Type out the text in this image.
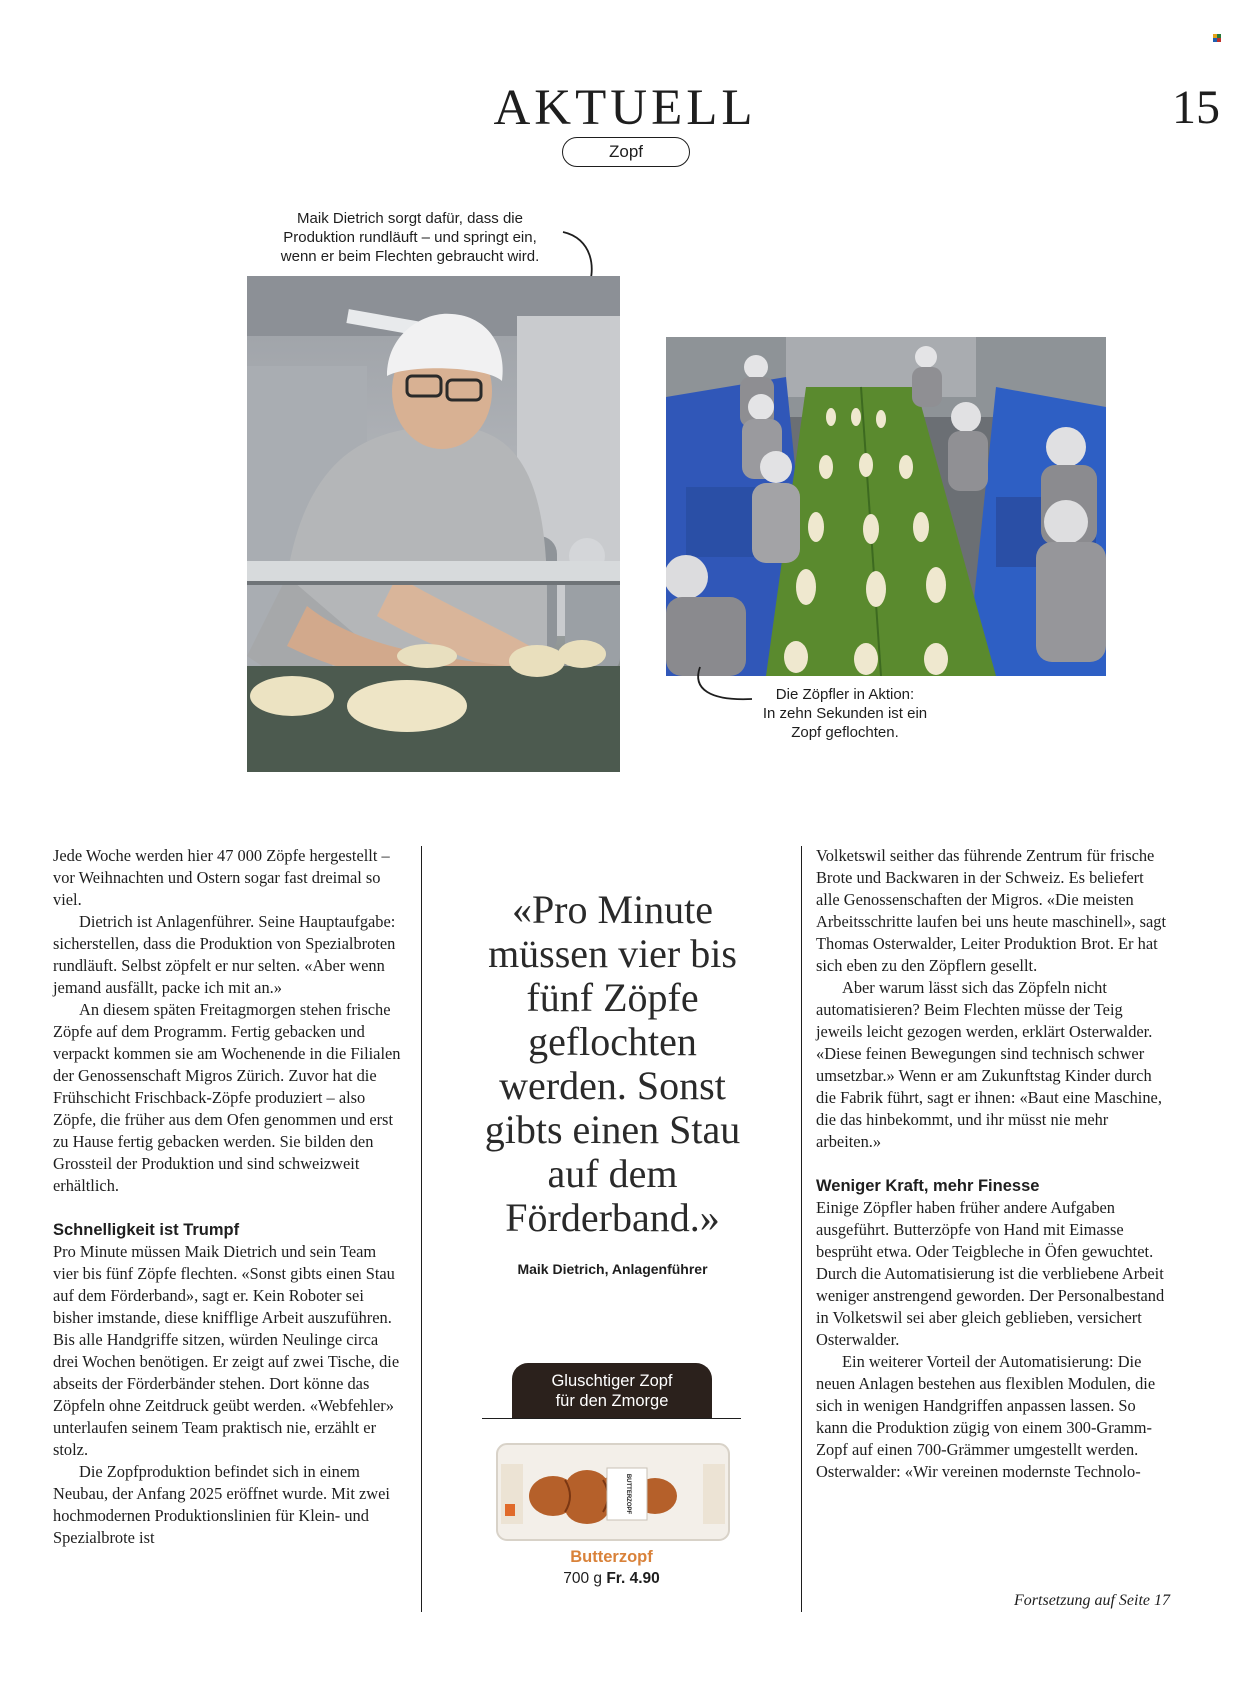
AKTUELL	15
Zopf
Maik Dietrich sorgt dafür, dass die
Produktion rundläuft – und springt ein,
wenn er beim Flechten gebraucht wird.
Die Zöpfler in Aktion:
In zehn Sekunden ist ein
Zopf geflochten.

Jede Woche werden hier 47 000 Zöpfe hergestellt – vor Weihnachten und Ostern sogar fast dreimal so viel.

Dietrich ist Anlagenführer. Seine Hauptaufgabe: sicherstellen, dass die Produktion von Spezialbroten rundläuft. Selbst zöpfelt er nur selten. «Aber wenn jemand ausfällt, packe ich mit an.»

An diesem späten Freitagmorgen stehen frische Zöpfe auf dem Programm. Fertig gebacken und verpackt kommen sie am Wochenende in die Filialen der Genossenschaft Migros Zürich. Zuvor hat die Frühschicht Frischback-Zöpfe produziert – also Zöpfe, die früher aus dem Ofen genommen und erst zu Hause fertig gebacken werden. Sie bilden den Grossteil der Produktion und sind schweizweit erhältlich.

Schnelligkeit ist Trumpf

Pro Minute müssen Maik Dietrich und sein Team vier bis fünf Zöpfe flechten. «Sonst gibts einen Stau auf dem Förderband», sagt er. Kein Roboter sei bisher imstande, diese knifflige Arbeit auszuführen. Bis alle Handgriffe sitzen, würden Neulinge circa drei Wochen benötigen. Er zeigt auf zwei Tische, die abseits der Förderbänder stehen. Dort könne das Zöpfeln ohne Zeitdruck geübt werden. «Webfehler» unterlaufen seinem Team praktisch nie, erzählt er stolz.

Die Zopfproduktion befindet sich in einem Neubau, der Anfang 2025 eröffnet wurde. Mit zwei hochmodernen Produktionslinien für Klein- und Spezialbrote ist

«Pro Minute
müssen vier bis
fünf Zöpfe
geflochten
werden. Sonst
gibts einen Stau
auf dem
Förderband.»
Maik Dietrich, Anlagenführer
Gluschtiger Zopf
für den Zmorge
BUTTERZOPF
Butterzopf
700 g Fr. 4.90

Volketswil seither das führende Zentrum für frische Brote und Backwaren in der Schweiz. Es beliefert alle Genossenschaften der Migros. «Die meisten Arbeitsschritte laufen bei uns heute maschinell», sagt Thomas Osterwalder, Leiter Produktion Brot. Er hat sich eben zu den Zöpflern gesellt.

Aber warum lässt sich das Zöpfeln nicht automatisieren? Beim Flechten müsse der Teig jeweils leicht gezogen werden, erklärt Osterwalder. «Diese feinen Bewegungen sind technisch schwer umsetzbar.» Wenn er am Zukunftstag Kinder durch die Fabrik führt, sagt er ihnen: «Baut eine Maschine, die das hinbekommt, und ihr müsst nie mehr arbeiten.»

Weniger Kraft, mehr Finesse

Einige Zöpfler haben früher andere Aufgaben ausgeführt. Butterzöpfe von Hand mit Eimasse besprüht etwa. Oder Teigbleche in Öfen gewuchtet. Durch die Automatisierung ist die verbliebene Arbeit weniger anstrengend geworden. Der Personalbestand in Volketswil sei aber gleich geblieben, versichert Osterwalder.

Ein weiterer Vorteil der Automatisierung: Die neuen Anlagen bestehen aus flexiblen Modulen, die sich in wenigen Handgriffen anpassen lassen. So kann die Produktion zügig von einem 300-Gramm-Zopf auf einen 700-Grämmer umgestellt werden. Osterwalder: «Wir vereinen modernste Technolo-

Fortsetzung auf Seite 17
